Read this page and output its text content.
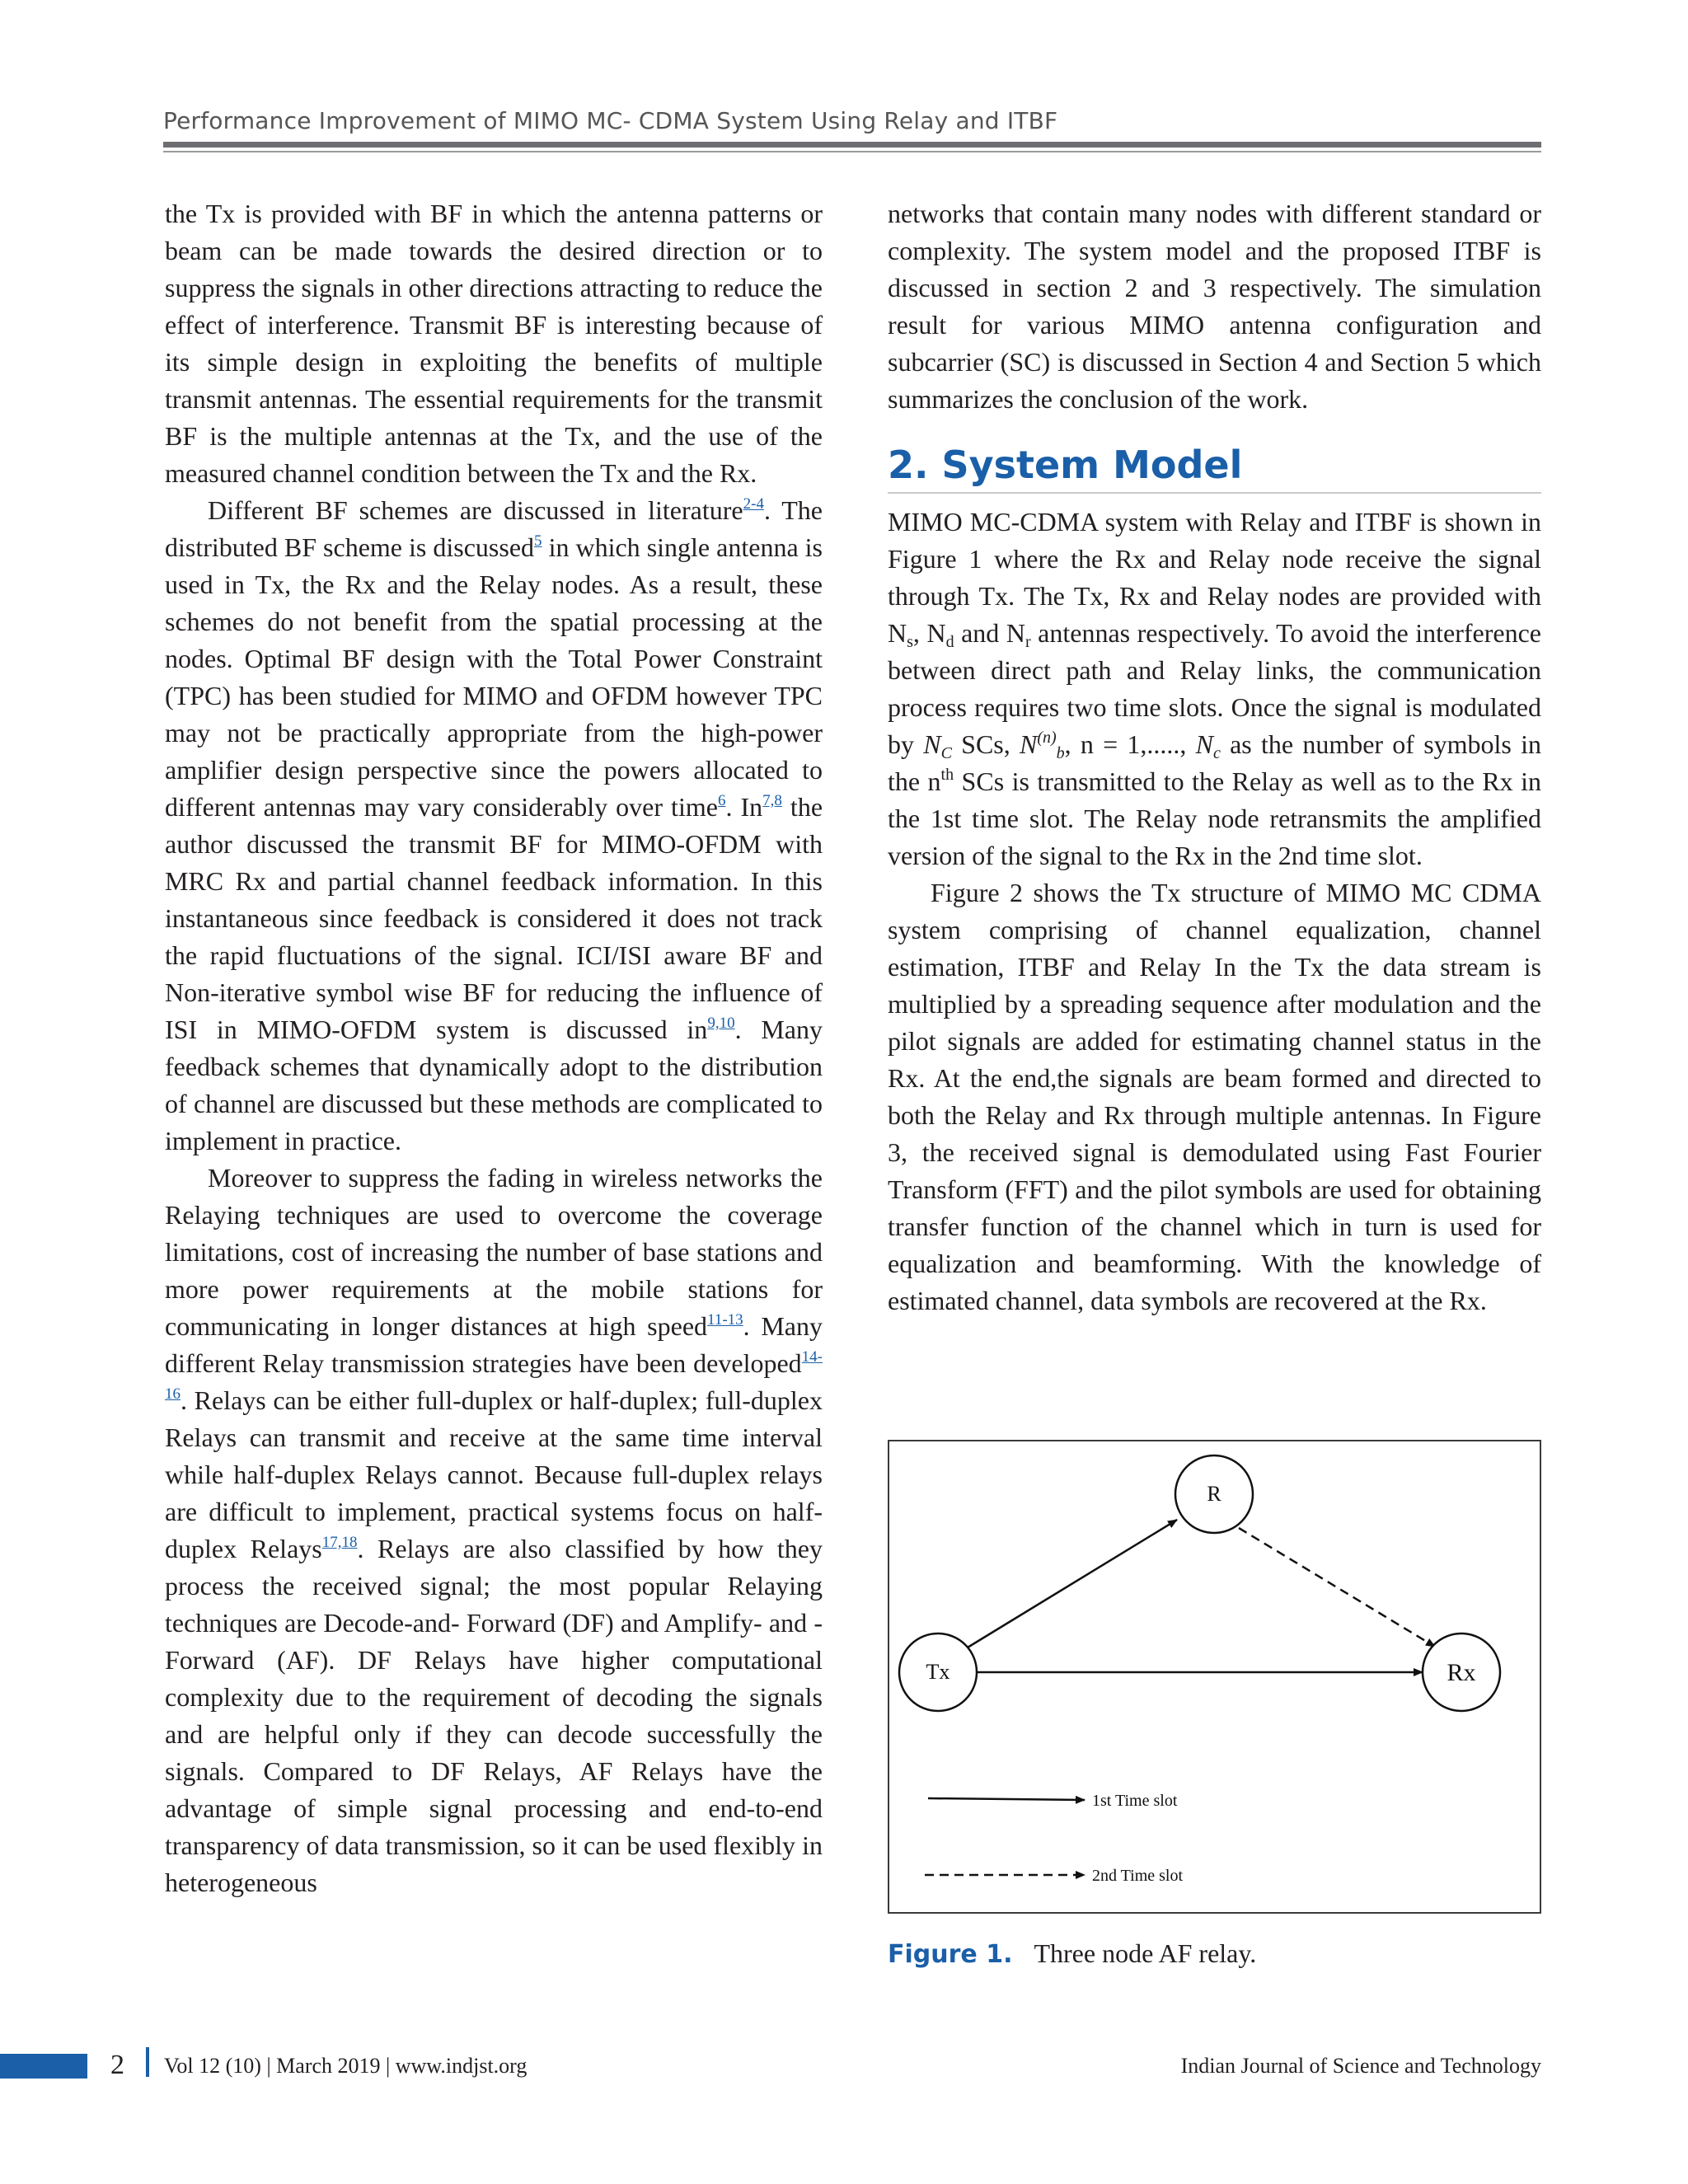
Performance Improvement of MIMO MC- CDMA System Using Relay and ITBF

the Tx is provided with BF in which the antenna patterns or beam can be made towards the desired direction or to suppress the signals in other directions attracting to reduce the effect of interference. Transmit BF is interesting because of its simple design in exploiting the benefits of multiple transmit antennas. The essential requirements for the transmit BF is the multiple antennas at the Tx, and the use of the measured channel condition between the Tx and the Rx.

Different BF schemes are discussed in literature$^{2-4}$. The distributed BF scheme is discussed$^5$ in which single antenna is used in Tx, the Rx and the Relay nodes. As a result, these schemes do not benefit from the spatial processing at the nodes. Optimal BF design with the Total Power Constraint (TPC) has been studied for MIMO and OFDM however TPC may not be practically appropriate from the high-power amplifier design perspective since the powers allocated to different antennas may vary considerably over time$^6$. In$^{7,8}$ the author discussed the transmit BF for MIMO-OFDM with MRC Rx and partial channel feedback information. In this instantaneous since feedback is considered it does not track the rapid fluctuations of the signal. ICI/ISI aware BF and Non-iterative symbol wise BF for reducing the influence of ISI in MIMO-OFDM system is discussed in$^{9,10}$. Many feedback schemes that dynamically adopt to the distribution of channel are discussed but these methods are complicated to implement in practice.

Moreover to suppress the fading in wireless networks the Relaying techniques are used to overcome the coverage limitations, cost of increasing the number of base stations and more power requirements at the mobile stations for communicating in longer distances at high speed$^{11-13}$. Many different Relay transmission strategies have been developed$^{14-16}$. Relays can be either full-duplex or half-duplex; full-duplex Relays can transmit and receive at the same time interval while half-duplex Relays cannot. Because full-duplex relays are difficult to implement, practical systems focus on half-duplex Relays$^{17,18}$. Relays are also classified by how they process the received signal; the most popular Relaying techniques are Decode-and- Forward (DF) and Amplify- and -Forward (AF). DF Relays have higher computational complexity due to the requirement of decoding the signals and are helpful only if they can decode successfully the signals. Compared to DF Relays, AF Relays have the advantage of simple signal processing and end-to-end transparency of data transmission, so it can be used flexibly in heterogeneous

networks that contain many nodes with different standard or complexity. The system model and the proposed ITBF is discussed in section 2 and 3 respectively. The simulation result for various MIMO antenna configuration and subcarrier (SC) is discussed in Section 4 and Section 5 which summarizes the conclusion of the work.

2. System Model

MIMO MC-CDMA system with Relay and ITBF is shown in Figure 1 where the Rx and Relay node receive the signal through Tx. The Tx, Rx and Relay nodes are provided with $N_s$, $N_d$ and $N_r$ antennas respectively. To avoid the interference between direct path and Relay links, the communication process requires two time slots. Once the signal is modulated by $N_C$ SCs, $N^{(n)}_b$, n = 1,....., $N_c$ as the number of symbols in the $n^{th}$ SCs is transmitted to the Relay as well as to the Rx in the 1st time slot. The Relay node retransmits the amplified version of the signal to the Rx in the 2nd time slot.

Figure 2 shows the Tx structure of MIMO MC CDMA system comprising of channel equalization, channel estimation, ITBF and Relay In the Tx the data stream is multiplied by a spreading sequence after modulation and the pilot signals are added for estimating channel status in the Rx. At the end,the signals are beam formed and directed to both the Relay and Rx through multiple antennas. In Figure 3, the received signal is demodulated using Fast Fourier Transform (FFT) and the pilot symbols are used for obtaining transfer function of the channel which in turn is used for equalization and beamforming. With the knowledge of estimated channel, data symbols are recovered at the Rx.

R
Tx	Rx
1st Time slot
2nd Time slot
Figure 1. Three node AF relay.
2 Vol 12 (10) | March 2019 | www.indjst.org	Indian Journal of Science and Technology
